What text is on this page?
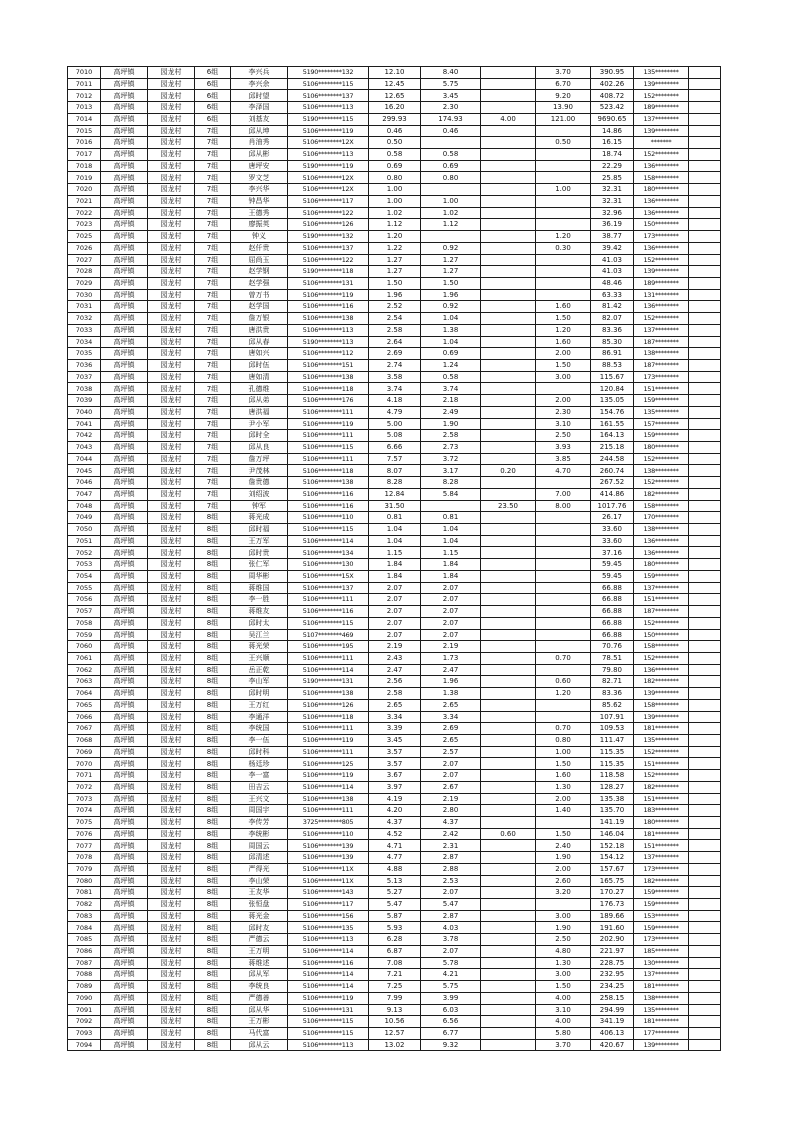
7010	高坪镇	园龙村	6组	李兴兵	5190********132	12.10	8.40		3.70	390.95	135********	
7011	高坪镇	园龙村	6组	李兴余	5106********115	12.45	5.75		6.70	402.26	139********	
7012	高坪镇	园龙村	6组	邱时望	5106********137	12.65	3.45		9.20	408.72	152********	
7013	高坪镇	园龙村	6组	李泽国	5106********113	16.20	2.30		13.90	523.42	189********	
7014	高坪镇	园龙村	6组	刘基友	5190********115	299.93	174.93	4.00	121.00	9690.65	137********	
7015	高坪镇	园龙村	7组	邱从坤	5106********119	0.46	0.46			14.86	139********	
7016	高坪镇	园龙村	7组	肖油秀	5106********12X	0.50			0.50	16.15	*******	
7017	高坪镇	园龙村	7组	邱从彬	5106********113	0.58	0.58			18.74	152********	
7018	高坪镇	园龙村	7组	唐坪安	5190********119	0.69	0.69			22.29	136********	
7019	高坪镇	园龙村	7组	罗文芝	5106********12X	0.80	0.80			25.85	158********	
7020	高坪镇	园龙村	7组	李兴华	5106********12X	1.00			1.00	32.31	180********	
7021	高坪镇	园龙村	7组	钟昌华	5106********117	1.00	1.00			32.31	136********	
7022	高坪镇	园龙村	7组	王德秀	5106********122	1.02	1.02			32.96	136********	
7023	高坪镇	园龙村	7组	廖振英	5106********126	1.12	1.12			36.19	150********	
7025	高坪镇	园龙村	7组	钟义	5190********132	1.20			1.20	38.77	173********	
7026	高坪镇	园龙村	7组	赵仟贵	5106********137	1.22	0.92		0.30	39.42	136********	
7027	高坪镇	园龙村	7组	屈尚玉	5106********122	1.27	1.27			41.03	152********	
7028	高坪镇	园龙村	7组	赵学钢	5190********118	1.27	1.27			41.03	139********	
7029	高坪镇	园龙村	7组	赵学强	5106********131	1.50	1.50			48.46	189********	
7030	高坪镇	园龙村	7组	曾万书	5106********119	1.96	1.96			63.33	131********	
7031	高坪镇	园龙村	7组	赵学国	5106********116	2.52	0.92		1.60	81.42	136********	
7032	高坪镇	园龙村	7组	詹万银	5106********138	2.54	1.04		1.50	82.07	152********	
7033	高坪镇	园龙村	7组	唐洪贵	5106********113	2.58	1.38		1.20	83.36	137********	
7034	高坪镇	园龙村	7组	邱从春	5190********113	2.64	1.04		1.60	85.30	187********	
7035	高坪镇	园龙村	7组	唐如兴	5106********112	2.69	0.69		2.00	86.91	138********	
7036	高坪镇	园龙村	7组	邱时伍	5106********151	2.74	1.24		1.50	88.53	187********	
7037	高坪镇	园龙村	7组	唐如清	5106********138	3.58	0.58		3.00	115.67	173********	
7038	高坪镇	园龙村	7组	孔德维	5106********118	3.74	3.74			120.84	151********	
7039	高坪镇	园龙村	7组	邱从弟	5106********176	4.18	2.18		2.00	135.05	159********	
7040	高坪镇	园龙村	7组	唐洪福	5106********111	4.79	2.49		2.30	154.76	135********	
7041	高坪镇	园龙村	7组	尹小军	5106********119	5.00	1.90		3.10	161.55	157********	
7042	高坪镇	园龙村	7组	邱时全	5106********111	5.08	2.58		2.50	164.13	159********	
7043	高坪镇	园龙村	7组	邱从良	5106********115	6.66	2.73		3.93	215.18	180********	
7044	高坪镇	园龙村	7组	詹万坪	5106********111	7.57	3.72		3.85	244.58	152********	
7045	高坪镇	园龙村	7组	尹茂林	5106********118	8.07	3.17	0.20	4.70	260.74	138********	
7046	高坪镇	园龙村	7组	詹贵德	5106********138	8.28	8.28			267.52	152********	
7047	高坪镇	园龙村	7组	刘绍波	5106********116	12.84	5.84		7.00	414.86	182********	
7048	高坪镇	园龙村	7组	钟军	5106********116	31.50		23.50	8.00	1017.76	158********	
7049	高坪镇	园龙村	8组	蒋光成	5106********110	0.81	0.81			26.17	170********	
7050	高坪镇	园龙村	8组	邱时福	5106********115	1.04	1.04			33.60	138********	
7051	高坪镇	园龙村	8组	王万军	5106********114	1.04	1.04			33.60	136********	
7052	高坪镇	园龙村	8组	邱时贵	5106********134	1.15	1.15			37.16	136********	
7053	高坪镇	园龙村	8组	张仁军	5106********130	1.84	1.84			59.45	180********	
7054	高坪镇	园龙村	8组	周华彬	5106********15X	1.84	1.84			59.45	159********	
7055	高坪镇	园龙村	8组	蒋维国	5106********137	2.07	2.07			66.88	137********	
7056	高坪镇	园龙村	8组	李一胜	5106********111	2.07	2.07			66.88	151********	
7057	高坪镇	园龙村	8组	蒋维友	5106********116	2.07	2.07			66.88	187********	
7058	高坪镇	园龙村	8组	邱时太	5106********115	2.07	2.07			66.88	152********	
7059	高坪镇	园龙村	8组	吴江兰	5107********469	2.07	2.07			66.88	150********	
7060	高坪镇	园龙村	8组	蒋光荣	5106********195	2.19	2.19			70.76	158********	
7061	高坪镇	园龙村	8组	王兴顺	5106********111	2.43	1.73		0.70	78.51	152********	
7062	高坪镇	园龙村	8组	岳正乾	5106********114	2.47	2.47			79.80	136********	
7063	高坪镇	园龙村	8组	李山军	5190********131	2.56	1.96		0.60	82.71	182********	
7064	高坪镇	园龙村	8组	邱时明	5106********138	2.58	1.38		1.20	83.36	139********	
7065	高坪镇	园龙村	8组	王万红	5106********126	2.65	2.65			85.62	158********	
7066	高坪镇	园龙村	8组	李通洋	5106********118	3.34	3.34			107.91	139********	
7067	高坪镇	园龙村	8组	李统国	5106********111	3.39	2.69		0.70	109.53	181********	
7068	高坪镇	园龙村	8组	李一伍	5106********119	3.45	2.65		0.80	111.47	135********	
7069	高坪镇	园龙村	8组	邱时科	5106********111	3.57	2.57		1.00	115.35	152********	
7070	高坪镇	园龙村	8组	杨廷珍	5106********125	3.57	2.07		1.50	115.35	151********	
7071	高坪镇	园龙村	8组	李一富	5106********119	3.67	2.07		1.60	118.58	152********	
7072	高坪镇	园龙村	8组	田吉云	5106********114	3.97	2.67		1.30	128.27	182********	
7073	高坪镇	园龙村	8组	王兴文	5106********138	4.19	2.19		2.00	135.38	151********	
7074	高坪镇	园龙村	8组	周国宇	5106********111	4.20	2.80		1.40	135.70	183********	
7075	高坪镇	园龙村	8组	李传芳	3725********805	4.37	4.37			141.19	180********	
7076	高坪镇	园龙村	8组	李统彬	5106********110	4.52	2.42	0.60	1.50	146.04	181********	
7077	高坪镇	园龙村	8组	周国云	5106********139	4.71	2.31		2.40	152.18	151********	
7078	高坪镇	园龙村	8组	邱清述	5106********139	4.77	2.87		1.90	154.12	137********	
7079	高坪镇	园龙村	8组	严得光	5106********11X	4.88	2.88		2.00	157.67	173********	
7080	高坪镇	园龙村	8组	李山荣	5106********11X	5.13	2.53		2.60	165.75	182********	
7081	高坪镇	园龙村	8组	王友华	5106********143	5.27	2.07		3.20	170.27	159********	
7082	高坪镇	园龙村	8组	张恒盘	5106********117	5.47	5.47			176.73	159********	
7083	高坪镇	园龙村	8组	蒋光金	5106********156	5.87	2.87		3.00	189.66	153********	
7084	高坪镇	园龙村	8组	邱时友	5106********135	5.93	4.03		1.90	191.60	159********	
7085	高坪镇	园龙村	8组	严德云	5106********113	6.28	3.78		2.50	202.90	173********	
7086	高坪镇	园龙村	8组	王万明	5106********114	6.87	2.07		4.80	221.97	185********	
7087	高坪镇	园龙村	8组	蒋维述	5106********116	7.08	5.78		1.30	228.75	130********	
7088	高坪镇	园龙村	8组	邱从军	5106********114	7.21	4.21		3.00	232.95	137********	
7089	高坪镇	园龙村	8组	李统良	5106********114	7.25	5.75		1.50	234.25	181********	
7090	高坪镇	园龙村	8组	严德善	5106********119	7.99	3.99		4.00	258.15	138********	
7091	高坪镇	园龙村	8组	邱从华	5106********131	9.13	6.03		3.10	294.99	135********	
7092	高坪镇	园龙村	8组	王万彬	5106********115	10.56	6.56		4.00	341.19	181********	
7093	高坪镇	园龙村	8组	马代富	5106********115	12.57	6.77		5.80	406.13	177********	
7094	高坪镇	园龙村	8组	邱从云	5106********113	13.02	9.32		3.70	420.67	139********	
